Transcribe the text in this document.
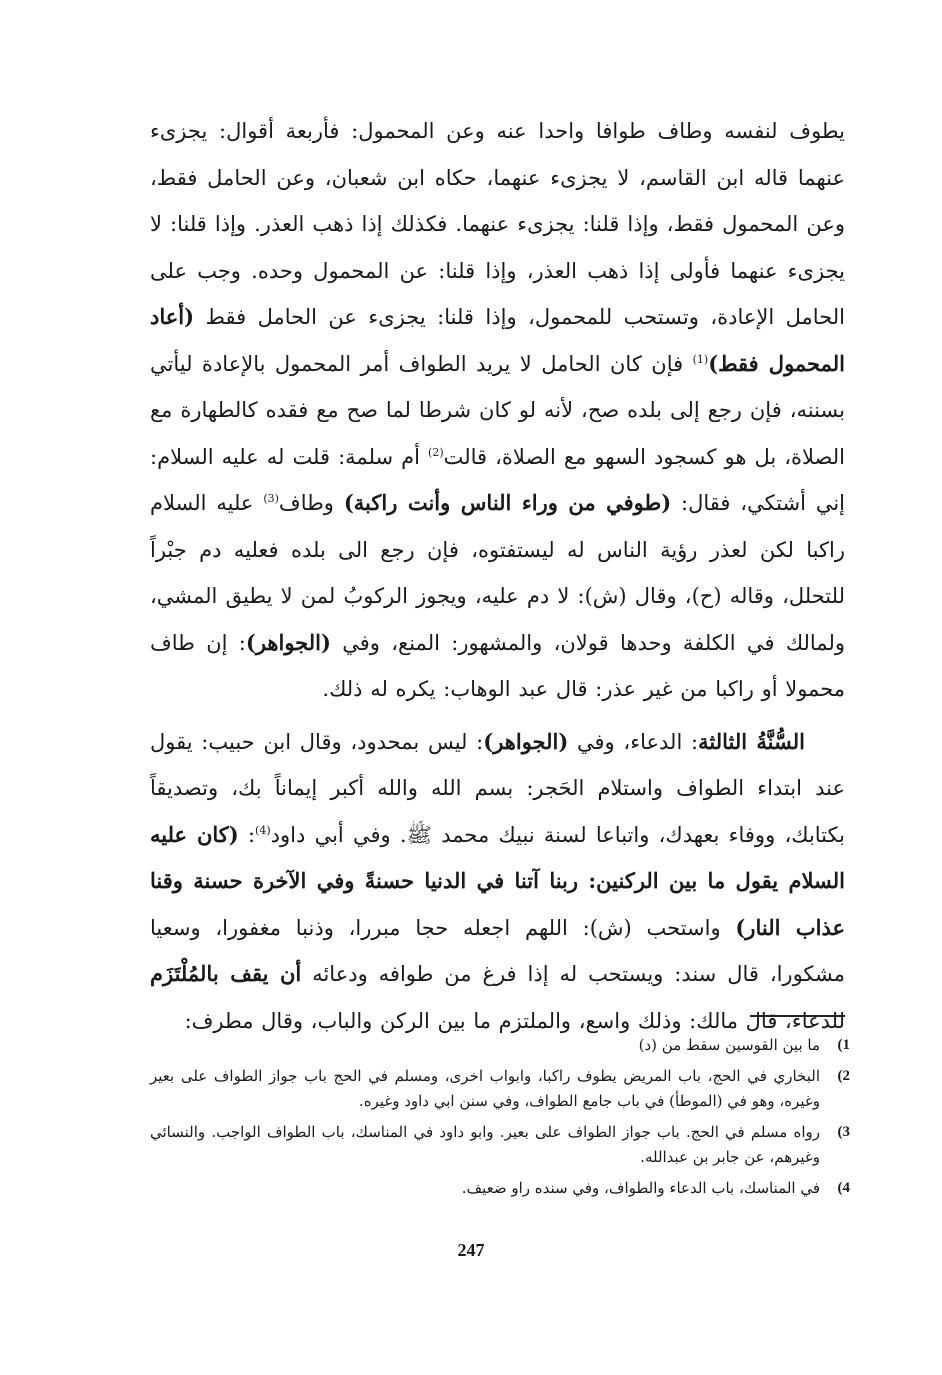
يطوف لنفسه وطاف طوافا واحدا عنه وعن المحمول: فأربعة أقوال: يجزىء عنهما قاله ابن القاسم، لا يجزىء عنهما، حكاه ابن شعبان، وعن الحامل فقط، وعن المحمول فقط، وإذا قلنا: يجزىء عنهما. فكذلك إذا ذهب العذر. وإذا قلنا: لا يجزىء عنهما فأولى إذا ذهب العذر، وإذا قلنا: عن المحمول وحده. وجب على الحامل الإعادة، وتستحب للمحمول، وإذا قلنا: يجزىء عن الحامل فقط (أعاد المحمول فقط)$^{(1)}$ فإن كان الحامل لا يريد الطواف أمر المحمول بالإعادة ليأتي بسننه، فإن رجع إلى بلده صح، لأنه لو كان شرطا لما صح مع فقده كالطهارة مع الصلاة، بل هو كسجود السهو مع الصلاة، قالت$^{(2)}$ أم سلمة: قلت له عليه السلام: إني أشتكي، فقال: (طوفي من وراء الناس وأنت راكبة) وطاف$^{(3)}$ عليه السلام راكبا لكن لعذر رؤية الناس له ليستفتوه، فإن رجع الى بلده فعليه دم جبْراً للتحلل، وقاله (ح)، وقال (ش): لا دم عليه، ويجوز الركوبُ لمن لا يطيق المشي، ولمالك في الكلفة وحدها قولان، والمشهور: المنع، وفي (الجواهر): إن طاف محمولا أو راكبا من غير عذر: قال عبد الوهاب: يكره له ذلك.

السُّنَّةُ الثالثة: الدعاء، وفي (الجواهر): ليس بمحدود، وقال ابن حبيب: يقول عند ابتداء الطواف واستلام الحَجر: بسم الله والله أكبر إيماناً بك، وتصديقاً بكتابك، ووفاء بعهدك، واتباعا لسنة نبيك محمد ﷺ. وفي أبي داود$^{(4)}$: (كان عليه السلام يقول ما بين الركنين: ربنا آتنا في الدنيا حسنةً وفي الآخرة حسنة وقنا عذاب النار) واستحب (ش): اللهم اجعله حجا مبررا، وذنبا مغفورا، وسعيا مشكورا، قال سند: ويستحب له إذا فرغ من طوافه ودعائه أن يقف بالمُلْتَزَم للدعاء، قال مالك: وذلك واسع، والملتزم ما بين الركن والباب، وقال مطرف:

1)
ما بين القوسين سقط من (د)
2)
البخاري في الحج، باب المريض يطوف راكبا، وابواب اخرى، ومسلم في الحج باب جواز الطواف على بعير وغيره، وهو في (الموطأ) في باب جامع الطواف، وفي سنن ابي داود وغيره.
3)
رواه مسلم في الحج. باب جواز الطواف على بعير. وابو داود في المناسك، باب الطواف الواجب. والنسائي وغيرهم، عن جابر بن عبدالله.
4)
في المناسك، باب الدعاء والطواف، وفي سنده راو ضعيف.
247
